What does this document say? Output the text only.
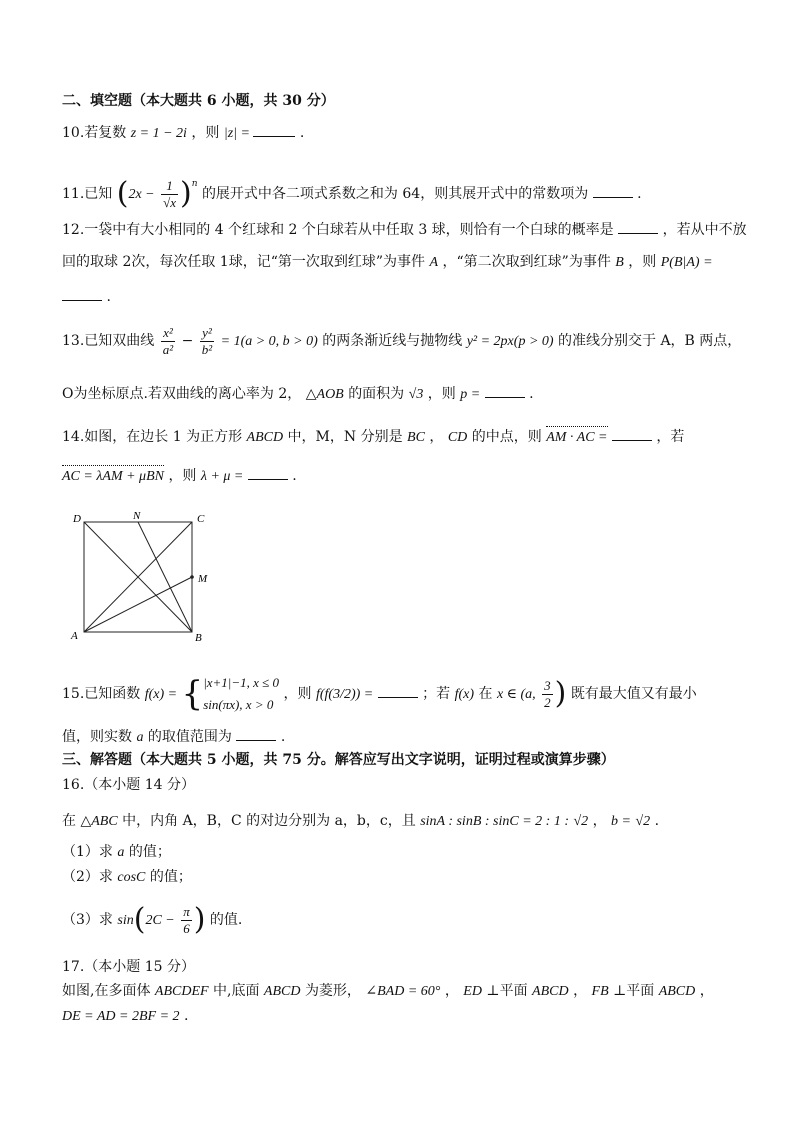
二、填空题（本大题共 6 小题，共 30 分）
10.若复数 z = 1 − 2i ，则 |z| =	.
11.已知 $(2x - \frac{1}{√x} )^n$ 的展开式中各二项式系数之和为 64，则其展开式中的常数项为	.
12.一袋中有大小相同的 4 个红球和 2 个白球若从中任取 3 球，则恰有一个白球的概率是	，若从中不放
回的取球 2次，每次任取 1球，记“第一次取到红球”为事件 A ，“第二次取到红球”为事件 B ，则 P(B|A) =
.
13.已知双曲线 $\frac{\text{x²}}{\text{a²}} - \frac{\text{y²}}{\text{b²}} = 1(a > 0$, b > 0) 的两条渐近线与抛物线 y² = 2px(p > 0) 的准线分别交于 A，B 两点，
O为坐标原点.若双曲线的离心率为 2， △AOB 的面积为 √3 ，则 p =	.
14.如图，在边长 1 为正方形 ABCD 中，M，N 分别是 BC ， CD 的中点，则 AM · AC =	，若
AC = λAM + μBN ，则 λ + μ =	.
D	N	C
M
A	B
15.已知函数 f(x) = { |x+1|−1, x ≤ 0
sin(πx), x > 0
，则 f(f(3/2)) =	；若 f(x) 在 x ∈ (a, $\frac{3}{2}$ ) 既有最大值又有最小
值，则实数 a 的取值范围为	.
三、解答题（本大题共 5 小题，共 75 分。解答应写出文字说明，证明过程或演算步骤）
16.（本小题 14 分）
在 △ABC 中，内角 A，B，C 的对边分别为 a，b，c，且 sinA : sinB : sinC = 2 : 1 : √2 ， b = √2 .
（1）求 a 的值；
（2）求 cosC 的值；
（3）求 $\sin(2C - \frac{\pi}{6}$ ) 的值.
17.（本小题 15 分）
如图,在多面体 ABCDEF 中,底面 ABCD 为菱形， ∠BAD = 60° ， ED ⊥平面 ABCD ， FB ⊥平面 ABCD ，
DE = AD = 2BF = 2 .
